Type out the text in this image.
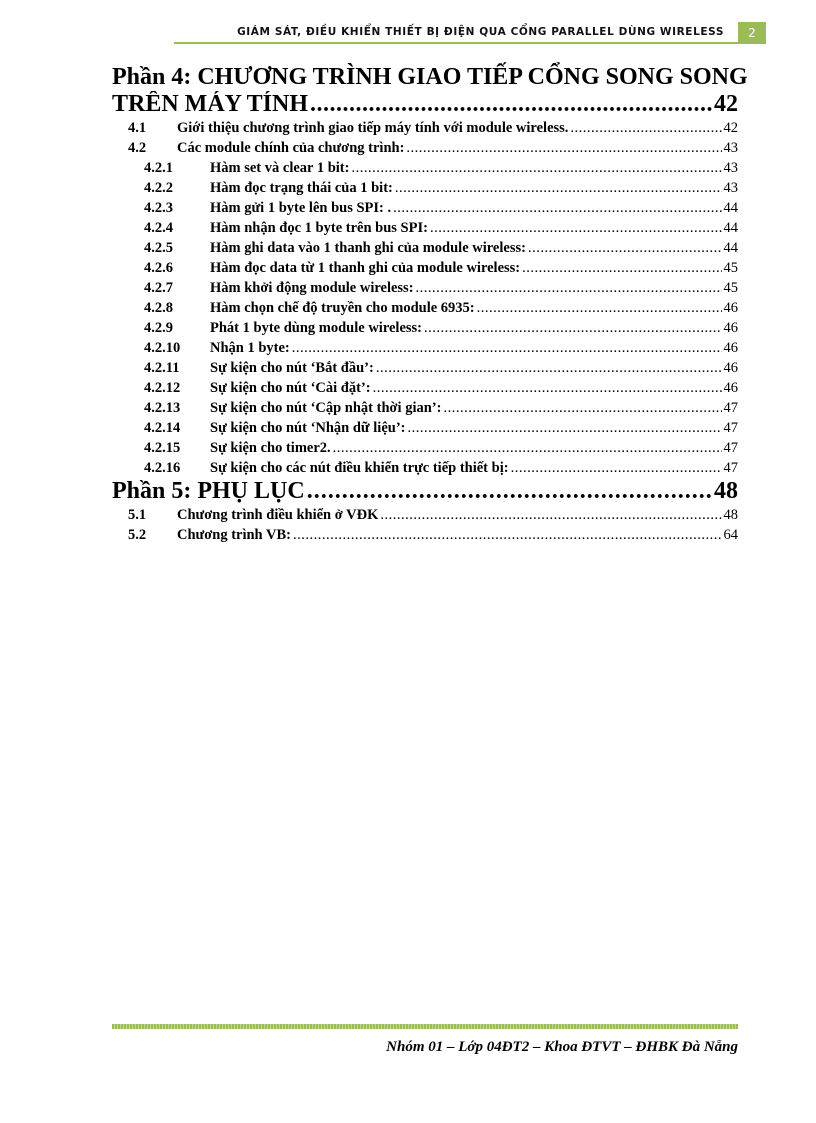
GIÁM SÁT, ĐIỀU KHIỂN THIẾT BỊ ĐIỆN QUA CỔNG PARALLEL DÙNG WIRELESS	2
Phần 4: CHƯƠNG TRÌNH GIAO TIẾP CỔNG SONG SONG
TRÊN MÁY TÍNH .....	42
4.1	Giới thiệu chương trình giao tiếp máy tính với module wireless. .....	42
4.2	Các module chính của chương trình: .....	43
4.2.1	Hàm set và clear 1 bit: .....	43
4.2.2	Hàm đọc trạng thái của 1 bit: .....	43
4.2.3	Hàm gửi 1 byte lên bus SPI: . .....	44
4.2.4	Hàm nhận đọc 1 byte trên bus SPI: .....	44
4.2.5	Hàm ghi data vào 1 thanh ghi của module wireless: .....	44
4.2.6	Hàm đọc data từ 1 thanh ghi của module wireless: .....	45
4.2.7	Hàm khởi động module wireless: .....	45
4.2.8	Hàm chọn chế độ truyền cho module 6935: .....	46
4.2.9	Phát 1 byte dùng module wireless: .....	46
4.2.10	Nhận 1 byte: .....	46
4.2.11	Sự kiện cho nút ‘Bắt đầu’: .....	46
4.2.12	Sự kiện cho nút ‘Cài đặt’: .....	46
4.2.13	Sự kiện cho nút ‘Cập nhật thời gian’: .....	47
4.2.14	Sự kiện cho nút ‘Nhận dữ liệu’: .....	47
4.2.15	Sự kiện cho timer2. .....	47
4.2.16	Sự kiện cho các nút điều khiển trực tiếp thiết bị: .....	47
Phần 5: PHỤ LỤC .....	48
5.1	Chương trình điều khiển ở VĐK .....	48
5.2	Chương trình VB: .....	64
Nhóm 01 – Lớp 04ĐT2 – Khoa ĐTVT – ĐHBK Đà Nẵng
